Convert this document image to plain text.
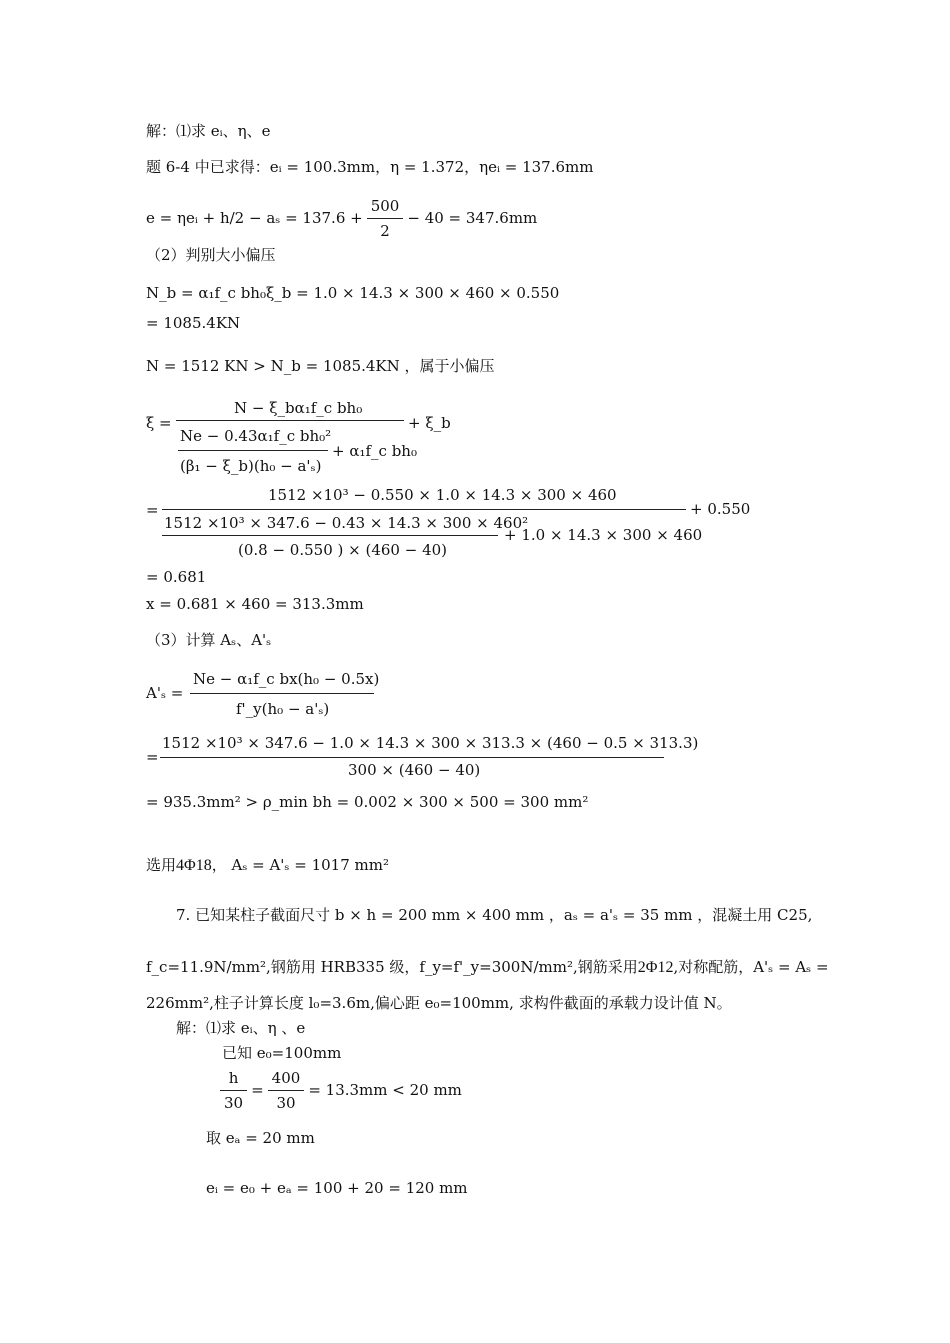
解：⑴求 eᵢ、η、e
题 6-4 中已求得：eᵢ = 100.3mm，η = 1.372，ηeᵢ = 137.6mm
e = ηeᵢ + $h/2 - a_s = 137.6 + \frac{500}{2} - 40 = 347.6mm$
（2）判别大小偏压
N_b = α₁f_c bh₀ξ_b = 1.0 × 14.3 × 300 × 460 × 0.550
= 1085.4KN
N = 1512 KN > N_b = 1085.4KN ，属于小偏压
ξ =
N − ξ_bα₁f_c bh₀
+ ξ_b
Ne − 0.43α₁f_c bh₀²
+ α₁f_c bh₀
(β₁ − ξ_b)(h₀ − a'ₛ)
=
1512 ×10³ − 0.550 × 1.0 × 14.3 × 300 × 460
+ 0.550
1512 ×10³ × 347.6 − 0.43 × 14.3 × 300 × 460²
+ 1.0 × 14.3 × 300 × 460
(0.8 − 0.550 ) × (460 − 40)
= 0.681
x = 0.681 × 460 = 313.3mm
（3）计算 Aₛ、A'ₛ
A'ₛ =
Ne − α₁f_c bx(h₀ − 0.5x)
f'_y(h₀ − a'ₛ)
=
1512 ×10³ × 347.6 − 1.0 × 14.3 × 300 × 313.3 × (460 − 0.5 × 313.3)
300 × (460 − 40)
= 935.3mm² > ρ_min bh = 0.002 × 300 × 500 = 300 mm²
选用4Φ18， Aₛ = A'ₛ = 1017 mm²
7. 已知某柱子截面尺寸 b × h = 200 mm × 400 mm ，aₛ = a'ₛ = 35 mm ，混凝土用 C25,
f_c=11.9N/mm²,钢筋用 HRB335 级，f_y=f'_y=300N/mm²,钢筋采用2Φ12,对称配筋，A'ₛ = Aₛ =
226mm²,柱子计算长度 l₀=3.6m,偏心距 e₀=100mm, 求构件截面的承载力设计值 N。
解：⑴求 eᵢ、η 、e
已知 e₀=100mm
$\frac{h}{30} = \frac{400}{30} = 13.3mm < 20$ mm
取 eₐ = 20 mm
eᵢ = e₀ + eₐ = 100 + 20 = 120 mm
